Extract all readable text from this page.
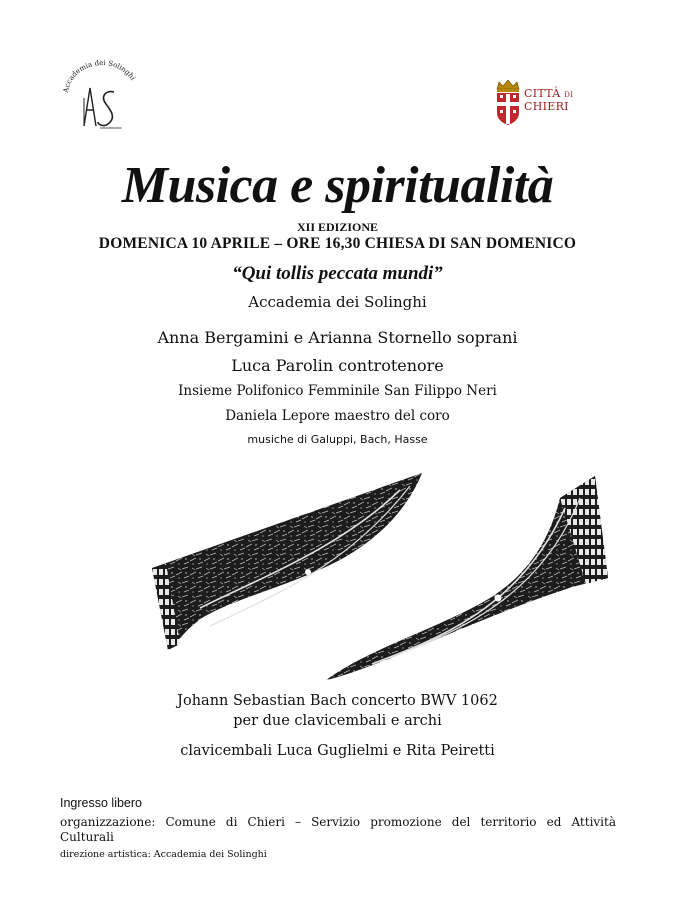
Accademia dei Solinghi
CITTÀ DI
CHIERI
Musica e spiritualità
XII EDIZIONE
DOMENICA 10 APRILE – ORE 16,30 CHIESA DI SAN DOMENICO
“Qui tollis peccata mundi”
Accademia dei Solinghi
Anna Bergamini e Arianna Stornello soprani
Luca Parolin controtenore
Insieme Polifonico Femminile San Filippo Neri
Daniela Lepore maestro del coro
musiche di Galuppi, Bach, Hasse
Johann Sebastian Bach concerto BWV 1062
per due clavicembali e archi
clavicembali Luca Guglielmi e Rita Peiretti
Ingresso libero
organizzazione: Comune di Chieri – Servizio promozione del territorio ed Attività
Culturali
direzione artistica: Accademia dei Solinghi
